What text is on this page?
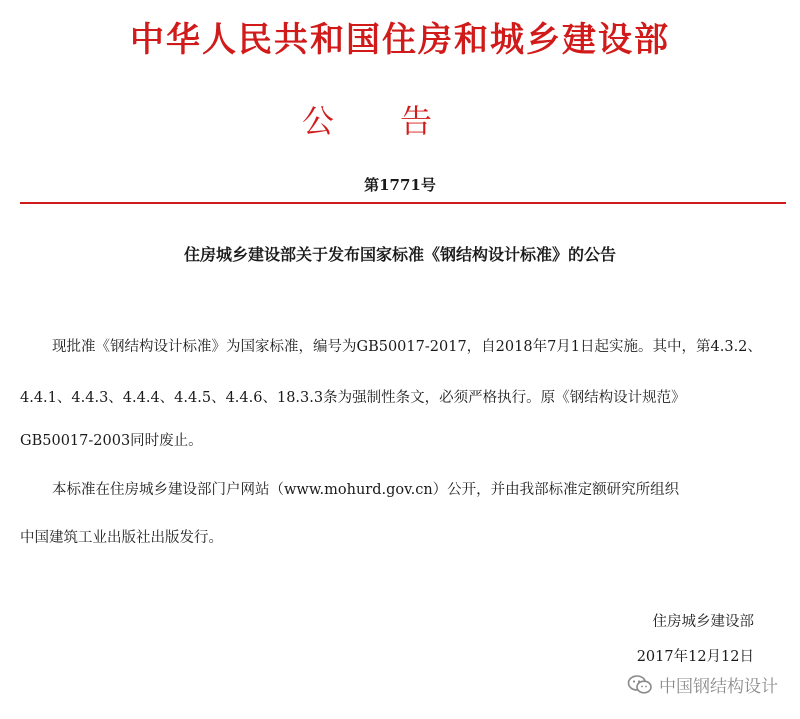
中华人民共和国住房和城乡建设部
公告
第1771号
住房城乡建设部关于发布国家标准《钢结构设计标准》的公告
现批准《钢结构设计标准》为国家标准，编号为GB50017-2017，自2018年7月1日起实施。其中，第4.3.2、
4.4.1、4.4.3、4.4.4、4.4.5、4.4.6、18.3.3条为强制性条文，必须严格执行。原《钢结构设计规范》
GB50017-2003同时废止。
本标准在住房城乡建设部门户网站（www.mohurd.gov.cn）公开，并由我部标准定额研究所组织
中国建筑工业出版社出版发行。
住房城乡建设部
2017年12月12日
中国钢结构设计
